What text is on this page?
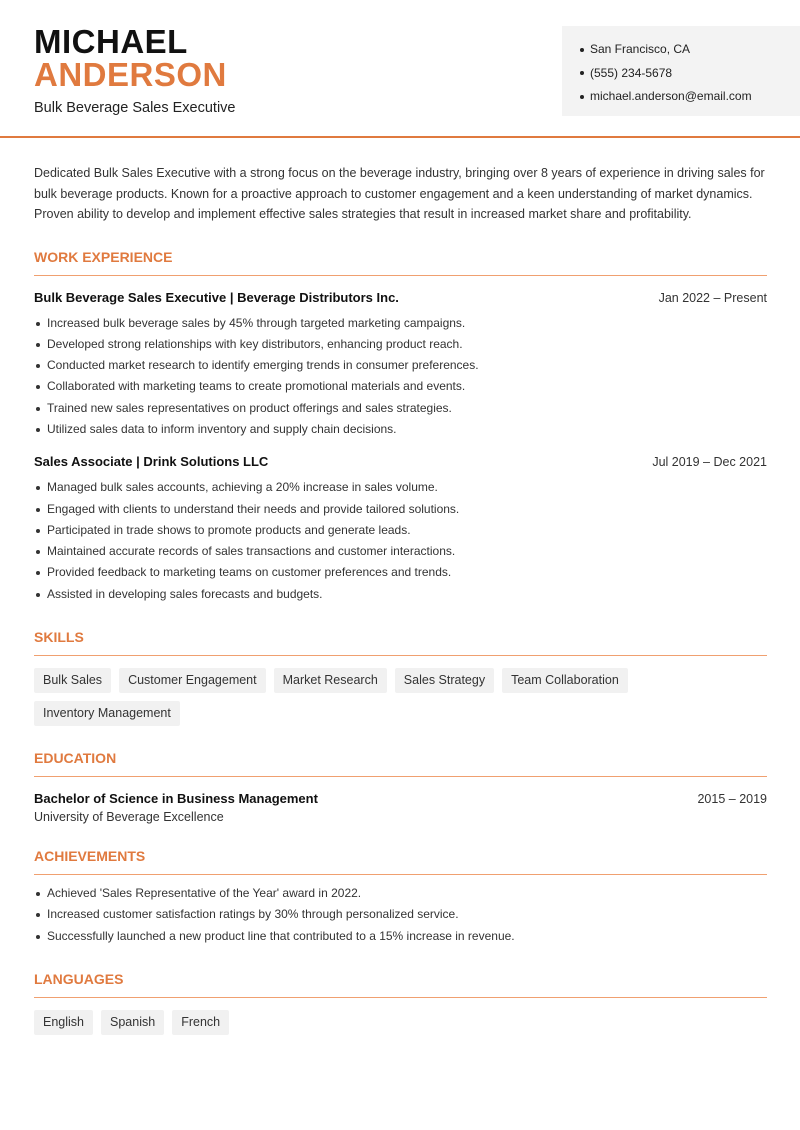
MICHAEL
ANDERSON
Bulk Beverage Sales Executive
San Francisco, CA
(555) 234-5678
michael.anderson@email.com

Dedicated Bulk Sales Executive with a strong focus on the beverage industry, bringing over 8 years of experience in driving sales for bulk beverage products. Known for a proactive approach to customer engagement and a keen understanding of market dynamics. Proven ability to develop and implement effective sales strategies that result in increased market share and profitability.

WORK EXPERIENCE
Bulk Beverage Sales Executive | Beverage Distributors Inc.	Jan 2022 – Present
Increased bulk beverage sales by 45% through targeted marketing campaigns.
Developed strong relationships with key distributors, enhancing product reach.
Conducted market research to identify emerging trends in consumer preferences.
Collaborated with marketing teams to create promotional materials and events.
Trained new sales representatives on product offerings and sales strategies.
Utilized sales data to inform inventory and supply chain decisions.
Sales Associate | Drink Solutions LLC	Jul 2019 – Dec 2021
Managed bulk sales accounts, achieving a 20% increase in sales volume.
Engaged with clients to understand their needs and provide tailored solutions.
Participated in trade shows to promote products and generate leads.
Maintained accurate records of sales transactions and customer interactions.
Provided feedback to marketing teams on customer preferences and trends.
Assisted in developing sales forecasts and budgets.
SKILLS
Bulk Sales	Customer Engagement	Market Research	Sales Strategy	Team Collaboration
Inventory Management
EDUCATION
Bachelor of Science in Business Management	2015 – 2019
University of Beverage Excellence
ACHIEVEMENTS
Achieved 'Sales Representative of the Year' award in 2022.
Increased customer satisfaction ratings by 30% through personalized service.
Successfully launched a new product line that contributed to a 15% increase in revenue.
LANGUAGES
English	Spanish	French
